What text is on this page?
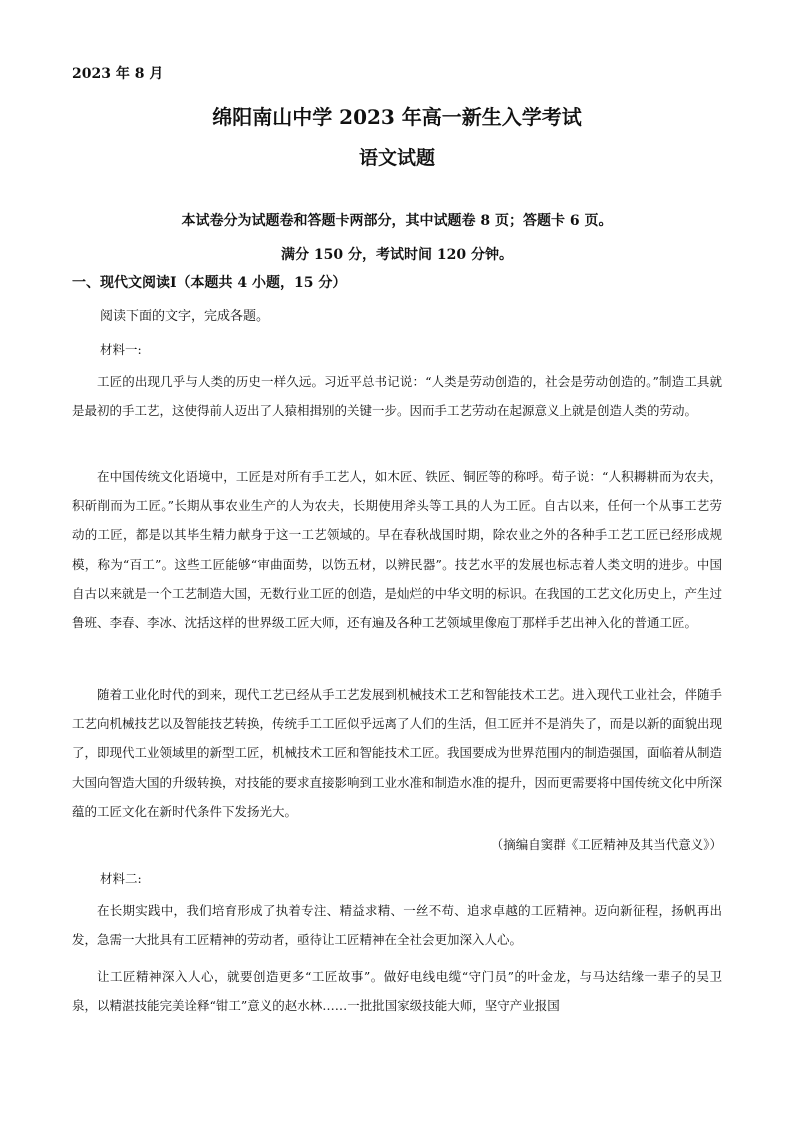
2023 年 8 月
绵阳南山中学 2023 年高一新生入学考试
语文试题
本试卷分为试题卷和答题卡两部分，其中试题卷 8 页；答题卡 6 页。
满分 150 分，考试时间 120 分钟。
一、现代文阅读Ⅰ（本题共 4 小题，15 分）
阅读下面的文字，完成各题。
材料一:

工匠的出现几乎与人类的历史一样久远。习近平总书记说：“人类是劳动创造的，社会是劳动创造的。”制造工具就是最初的手工艺，这使得前人迈出了人猿相揖别的关键一步。因而手工艺劳动在起源意义上就是创造人类的劳动。

在中国传统文化语境中，工匠是对所有手工艺人，如木匠、铁匠、铜匠等的称呼。荀子说：“人积耨耕而为农夫，积斫削而为工匠。”长期从事农业生产的人为农夫，长期使用斧头等工具的人为工匠。自古以来，任何一个从事工艺劳动的工匠，都是以其毕生精力献身于这一工艺领域的。早在春秋战国时期，除农业之外的各种手工艺工匠已经形成规模，称为“百工”。这些工匠能够“审曲面势，以饬五材，以辨民器”。技艺水平的发展也标志着人类文明的进步。中国自古以来就是一个工艺制造大国，无数行业工匠的创造，是灿烂的中华文明的标识。在我国的工艺文化历史上，产生过鲁班、李春、李冰、沈括这样的世界级工匠大师，还有遍及各种工艺领域里像庖丁那样手艺出神入化的普通工匠。

随着工业化时代的到来，现代工艺已经从手工艺发展到机械技术工艺和智能技术工艺。进入现代工业社会，伴随手工艺向机械技艺以及智能技艺转换，传统手工工匠似乎远离了人们的生活，但工匠并不是消失了，而是以新的面貌出现了，即现代工业领域里的新型工匠，机械技术工匠和智能技术工匠。我国要成为世界范围内的制造强国，面临着从制造大国向智造大国的升级转换，对技能的要求直接影响到工业水准和制造水准的提升，因而更需要将中国传统文化中所深蕴的工匠文化在新时代条件下发扬光大。

（摘编自窦群《工匠精神及其当代意义》）
材料二:

在长期实践中，我们培育形成了执着专注、精益求精、一丝不苟、追求卓越的工匠精神。迈向新征程，扬帆再出发，急需一大批具有工匠精神的劳动者，亟待让工匠精神在全社会更加深入人心。

让工匠精神深入人心，就要创造更多“工匠故事”。做好电线电缆“守门员”的叶金龙，与马达结缘一辈子的吴卫泉，以精湛技能完美诠释“钳工”意义的赵水林……一批批国家级技能大师，坚守产业报国
